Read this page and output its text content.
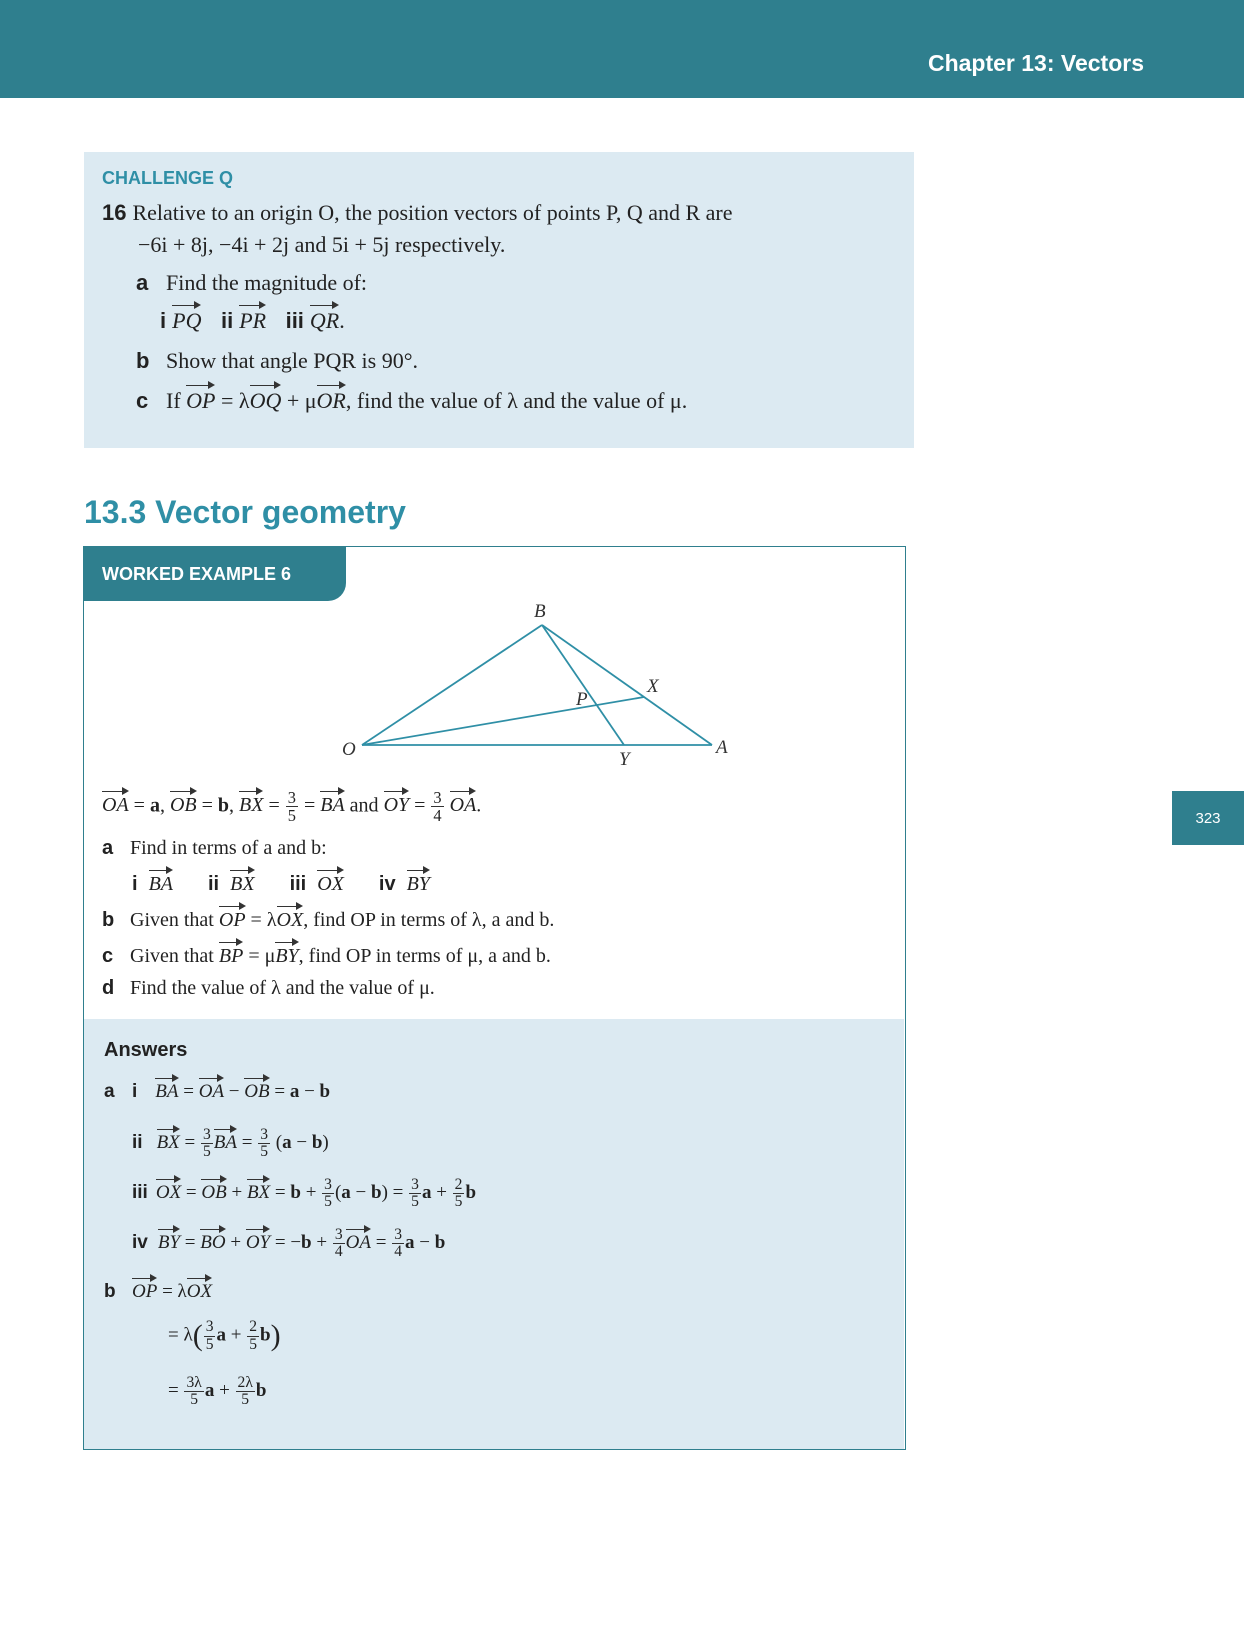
Chapter 13: Vectors
323
CHALLENGE Q
16 Relative to an origin O, the position vectors of points P, Q and R are
−6i + 8j, −4i + 2j and 5i + 5j respectively.
a Find the magnitude of:
i PQ ii PR iii QR.
b Show that angle PQR is 90°.
c If OP = λOQ + μOR, find the value of λ and the value of μ.
13.3 Vector geometry
WORKED EXAMPLE 6
B
X
P
O	Y
A
OA = a, OB = b, BX = $\frac{3}{5}$ = BA and OY = $\frac{3}{4}$ OA.
a Find in terms of a and b:
i BA ii BX iii OX iv BY
b Given that OP = λOX, find OP in terms of λ, a and b.
c Given that BP = μBY, find OP in terms of μ, a and b.
d Find the value of λ and the value of μ.
Answers
a i BA = OA − OB = a − b
ii BX = $\frac{3}{5}$ BA = $\frac{3}{5} (a - b)$
iii OX = OB + BX = $b + \frac{3}{5} (a - b) = \frac{3}{5}$ $a + \frac{2}{5}$ b
iv BY = BO + OY = $-b + \frac{3}{4}$ OA = $\frac{3}{4}$ a − b
b OP = λOX
= $\lambda( \frac{3}{5}$ $a + \frac{2}{5} b$)
= $\frac{3\lambda}{5}$ $a + \frac{2\lambda}{5}$ b
